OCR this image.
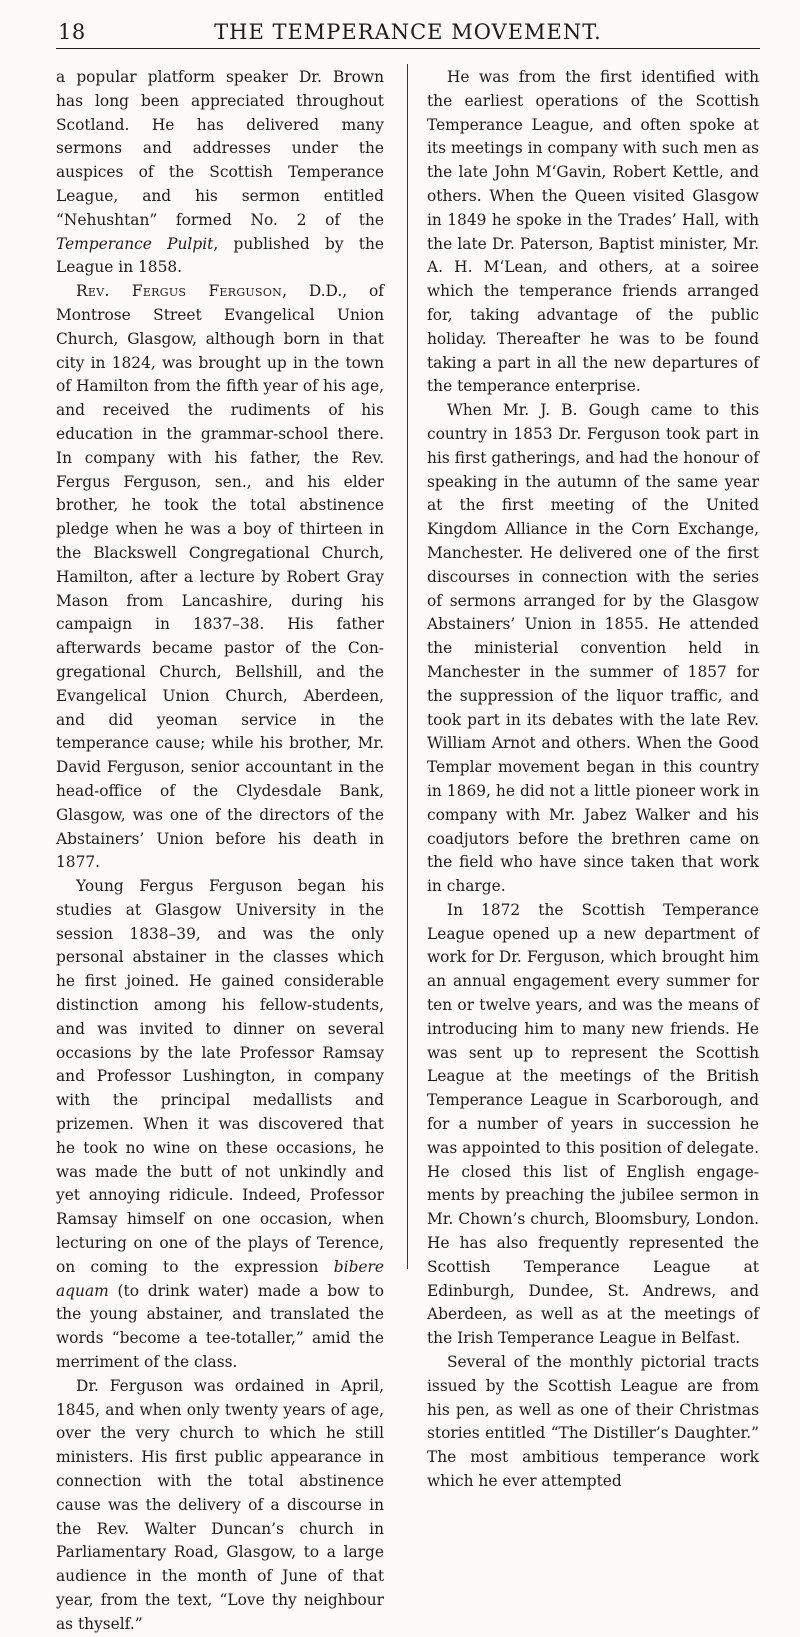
18	THE TEMPERANCE MOVEMENT.

a popular platform speaker Dr. Brown has long been appreciated throughout Scotland. He has delivered many sermons and addresses under the auspices of the Scottish Temperance League, and his sermon entitled “Nehushtan” formed No. 2 of the Temperance Pulpit, published by the League in 1858.

Rev. Fergus Ferguson, D.D., of Montrose Street Evangelical Union Church, Glasgow, although born in that city in 1824, was brought up in the town of Hamilton from the fifth year of his age, and received the rudiments of his education in the grammar-school there. In company with his father, the Rev. Fergus Ferguson, sen., and his elder brother, he took the total abstinence pledge when he was a boy of thirteen in the Blackswell Congregational Church, Hamilton, after a lecture by Robert Gray Mason from Lancashire, during his campaign in 1837–38. His father afterwards became pastor of the Congregational Church, Bellshill, and the Evangelical Union Church, Aberdeen, and did yeoman service in the temperance cause; while his brother, Mr. David Ferguson, senior accountant in the head-office of the Clydesdale Bank, Glasgow, was one of the directors of the Abstainers’ Union before his death in 1877.

Young Fergus Ferguson began his studies at Glasgow University in the session 1838–39, and was the only personal abstainer in the classes which he first joined. He gained considerable distinction among his fellow-students, and was invited to dinner on several occasions by the late Professor Ramsay and Professor Lushington, in company with the principal medallists and prizemen. When it was discovered that he took no wine on these occasions, he was made the butt of not unkindly and yet annoying ridicule. Indeed, Professor Ramsay himself on one occasion, when lecturing on one of the plays of Terence, on coming to the expression bibere aquam (to drink water) made a bow to the young abstainer, and translated the words “become a tee-totaller,” amid the merriment of the class.

Dr. Ferguson was ordained in April, 1845, and when only twenty years of age, over the very church to which he still ministers. His first public appearance in connection with the total abstinence cause was the delivery of a discourse in the Rev. Walter Duncan’s church in Parliamentary Road, Glasgow, to a large audience in the month of June of that year, from the text, “Love thy neighbour as thyself.”

He was from the first identified with the earliest operations of the Scottish Temperance League, and often spoke at its meetings in company with such men as the late John M‘Gavin, Robert Kettle, and others. When the Queen visited Glasgow in 1849 he spoke in the Trades’ Hall, with the late Dr. Paterson, Baptist minister, Mr. A. H. M‘Lean, and others, at a soiree which the temperance friends arranged for, taking advantage of the public holiday. Thereafter he was to be found taking a part in all the new departures of the temperance enterprise.

When Mr. J. B. Gough came to this country in 1853 Dr. Ferguson took part in his first gatherings, and had the honour of speaking in the autumn of the same year at the first meeting of the United Kingdom Alliance in the Corn Exchange, Manchester. He delivered one of the first discourses in connection with the series of sermons arranged for by the Glasgow Abstainers’ Union in 1855. He attended the ministerial convention held in Manchester in the summer of 1857 for the suppression of the liquor traffic, and took part in its debates with the late Rev. William Arnot and others. When the Good Templar movement began in this country in 1869, he did not a little pioneer work in company with Mr. Jabez Walker and his coadjutors before the brethren came on the field who have since taken that work in charge.

In 1872 the Scottish Temperance League opened up a new department of work for Dr. Ferguson, which brought him an annual engagement every summer for ten or twelve years, and was the means of introducing him to many new friends. He was sent up to represent the Scottish League at the meetings of the British Temperance League in Scarborough, and for a number of years in succession he was appointed to this position of delegate. He closed this list of English engagements by preaching the jubilee sermon in Mr. Chown’s church, Bloomsbury, London. He has also frequently represented the Scottish Temperance League at Edinburgh, Dundee, St. Andrews, and Aberdeen, as well as at the meetings of the Irish Temperance League in Belfast.

Several of the monthly pictorial tracts issued by the Scottish League are from his pen, as well as one of their Christmas stories entitled “The Distiller’s Daughter.” The most ambitious temperance work which he ever attempted
